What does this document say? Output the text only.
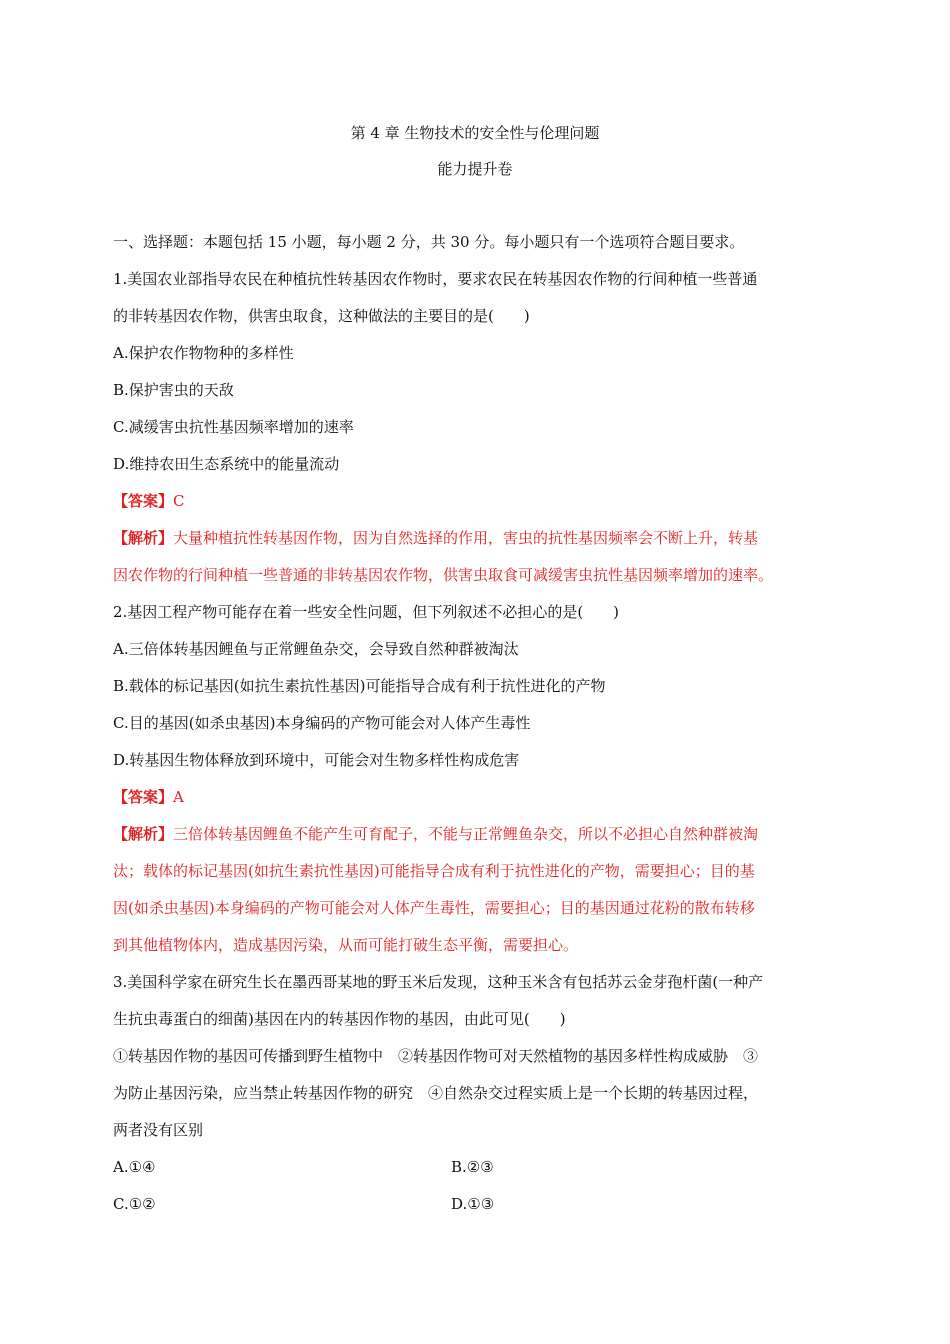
第 4 章 生物技术的安全性与伦理问题
能力提升卷
一、选择题：本题包括 15 小题，每小题 2 分，共 30 分。每小题只有一个选项符合题目要求。
1.美国农业部指导农民在种植抗性转基因农作物时，要求农民在转基因农作物的行间种植一些普通
的非转基因农作物，供害虫取食，这种做法的主要目的是(　　)
A.保护农作物物种的多样性
B.保护害虫的天敌
C.减缓害虫抗性基因频率增加的速率
D.维持农田生态系统中的能量流动
【答案】C
【解析】大量种植抗性转基因作物，因为自然选择的作用，害虫的抗性基因频率会不断上升，转基
因农作物的行间种植一些普通的非转基因农作物，供害虫取食可减缓害虫抗性基因频率增加的速率。
2.基因工程产物可能存在着一些安全性问题，但下列叙述不必担心的是(　　)
A.三倍体转基因鲤鱼与正常鲤鱼杂交，会导致自然种群被淘汰
B.载体的标记基因(如抗生素抗性基因)可能指导合成有利于抗性进化的产物
C.目的基因(如杀虫基因)本身编码的产物可能会对人体产生毒性
D.转基因生物体释放到环境中，可能会对生物多样性构成危害
【答案】A
【解析】三倍体转基因鲤鱼不能产生可育配子，不能与正常鲤鱼杂交，所以不必担心自然种群被淘
汰；载体的标记基因(如抗生素抗性基因)可能指导合成有利于抗性进化的产物，需要担心；目的基
因(如杀虫基因)本身编码的产物可能会对人体产生毒性，需要担心；目的基因通过花粉的散布转移
到其他植物体内，造成基因污染，从而可能打破生态平衡，需要担心。
3.美国科学家在研究生长在墨西哥某地的野玉米后发现，这种玉米含有包括苏云金芽孢杆菌(一种产
生抗虫毒蛋白的细菌)基因在内的转基因作物的基因，由此可见(　　)
①转基因作物的基因可传播到野生植物中　②转基因作物可对天然植物的基因多样性构成威胁　③
为防止基因污染，应当禁止转基因作物的研究　④自然杂交过程实质上是一个长期的转基因过程，
两者没有区别
A.①④	B.②③
C.①②	D.①③
